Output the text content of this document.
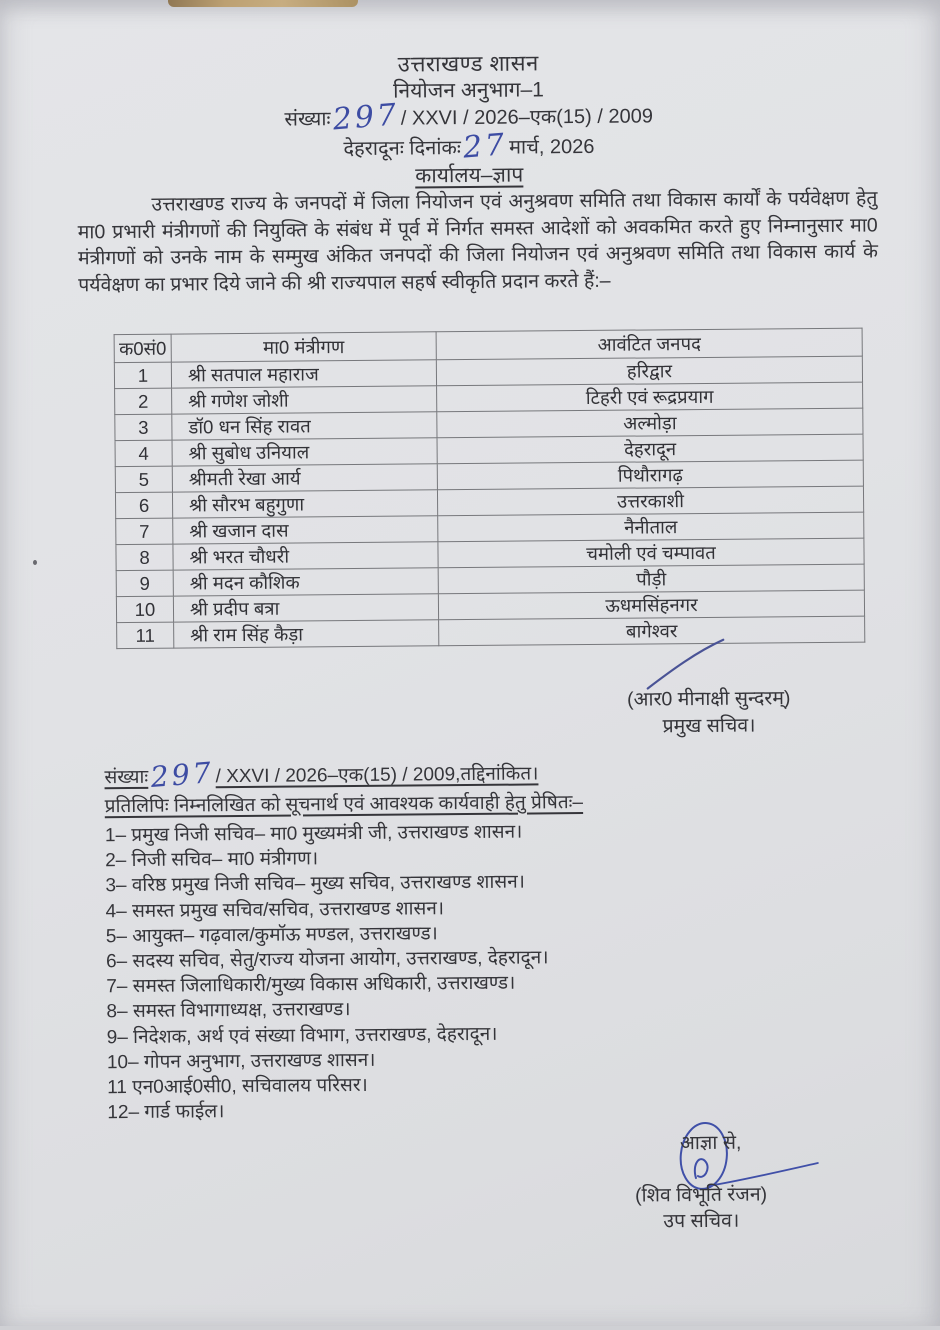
उत्तराखण्ड शासन
नियोजन अनुभाग–1
संख्याः297/ XXVI / 2026–एक(15) / 2009
देहरादूनः दिनांकः27मार्च, 2026
कार्यालय–ज्ञाप
उत्तराखण्ड राज्य के जनपदों में जिला नियोजन एवं अनुश्रवण समिति तथा विकास कार्यों के पर्यवेक्षण हेतु मा0 प्रभारी मंत्रीगणों की नियुक्ति के संबंध में पूर्व में निर्गत समस्त आदेशों को अवकमित करते हुए निम्नानुसार मा0 मंत्रीगणों को उनके नाम के सम्मुख अंकित जनपदों की जिला नियोजन एवं अनुश्रवण समिति तथा विकास कार्य के पर्यवेक्षण का प्रभार दिये जाने की श्री राज्यपाल सहर्ष स्वीकृति प्रदान करते हैं:–
क0सं0	मा0 मंत्रीगण	आवंटित जनपद
1	श्री सतपाल महाराज	हरिद्वार
2	श्री गणेश जोशी	टिहरी एवं रूद्रप्रयाग
3	डॉ0 धन सिंह रावत	अल्मोड़ा
4	श्री सुबोध उनियाल	देहरादून
5	श्रीमती रेखा आर्य	पिथौरागढ़
6	श्री सौरभ बहुगुणा	उत्तरकाशी
7	श्री खजान दास	नैनीताल
8	श्री भरत चौधरी	चमोली एवं चम्पावत
9	श्री मदन कौशिक	पौड़ी
10	श्री प्रदीप बत्रा	ऊधमसिंहनगर
11	श्री राम सिंह कैड़ा	बागेश्वर
(आर0 मीनाक्षी सुन्दरम्)
प्रमुख सचिव।
संख्याः297/ XXVI / 2026–एक(15) / 2009,तद्दिनांकित।
प्रतिलिपिः निम्नलिखित को सूचनार्थ एवं आवश्यक कार्यवाही हेतु प्रेषितः–
1– प्रमुख निजी सचिव– मा0 मुख्यमंत्री जी, उत्तराखण्ड शासन।
2– निजी सचिव– मा0 मंत्रीगण।
3– वरिष्ठ प्रमुख निजी सचिव– मुख्य सचिव, उत्तराखण्ड शासन।
4– समस्त प्रमुख सचिव/सचिव, उत्तराखण्ड शासन।
5– आयुक्त– गढ़वाल/कुमॉऊ मण्डल, उत्तराखण्ड।
6– सदस्य सचिव, सेतु/राज्य योजना आयोग, उत्तराखण्ड, देहरादून।
7– समस्त जिलाधिकारी/मुख्य विकास अधिकारी, उत्तराखण्ड।
8– समस्त विभागाध्यक्ष, उत्तराखण्ड।
9– निदेशक, अर्थ एवं संख्या विभाग, उत्तराखण्ड, देहरादून।
10– गोपन अनुभाग, उत्तराखण्ड शासन।
11 एन0आई0सी0, सचिवालय परिसर।
12– गार्ड फाईल।
आज्ञा से,
(शिव विभूति रंजन)
उप सचिव।
